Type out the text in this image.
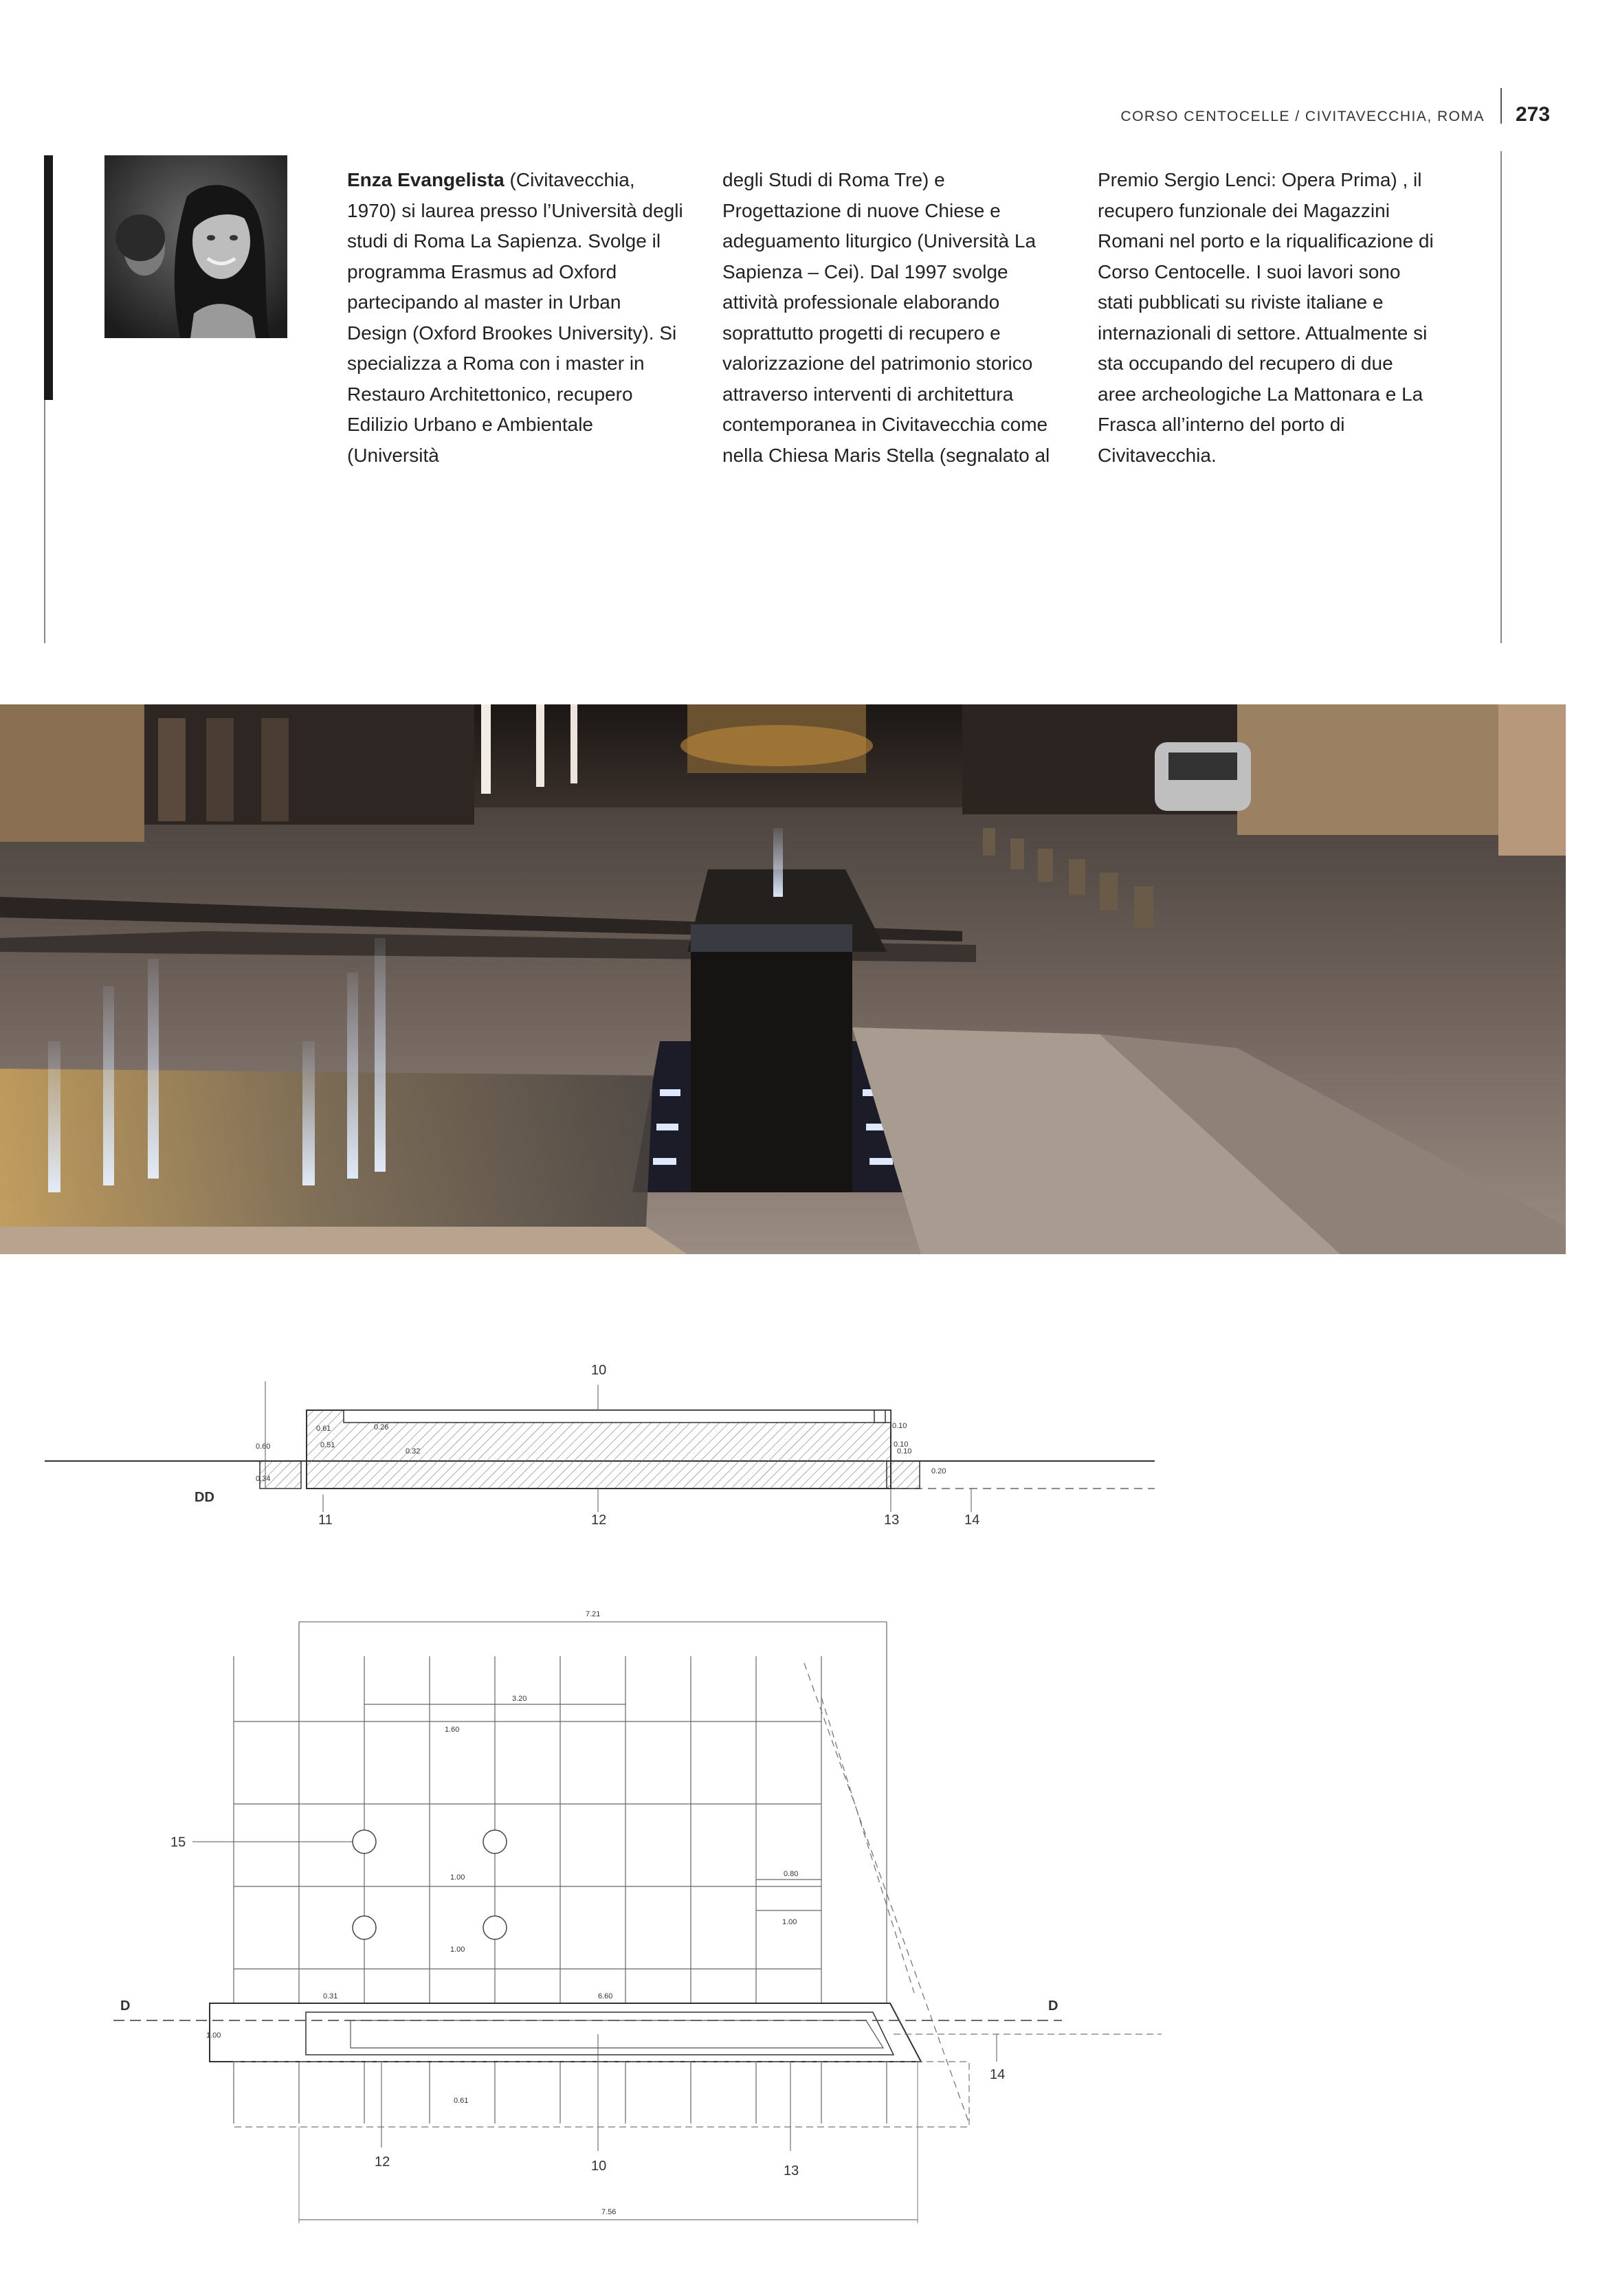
CORSO CENTOCELLE / CIVITAVECCHIA, ROMA 273

Enza Evangelista (Civitavecchia, 1970) si laurea presso l’Università degli studi di Roma La Sapienza. Svolge il programma Erasmus ad Oxford partecipando al master in Urban Design (Oxford Brookes University). Si specializza a Roma con i master in Restauro Architettonico, recupero Edilizio Urbano e Ambientale (Università

degli Studi di Roma Tre) e Progettazione di nuove Chiese e adeguamento liturgico (Università La Sapienza – Cei). Dal 1997 svolge attività professionale elaborando soprattutto progetti di recupero e valorizzazione del patrimonio storico attraverso interventi di architettura contemporanea in Civitavecchia come nella Chiesa Maris Stella (segnalato al

Premio Sergio Lenci: Opera Prima) , il recupero funzionale dei Magazzini Romani nel porto e la riqualificazione di Corso Centocelle. I suoi lavori sono stati pubblicati su riviste italiane e internazionali di settore. Attualmente si sta occupando del recupero di due aree archeologiche La Mattonara e La Frasca all’interno del porto di Civitavecchia.

DD
10
11	12	13	14
0.60
0.34
0.61
0.51
0.10
0.10
0.20
0.26
0.32	0.10
7.21
3.20
1.60
0.80
1.00
1.00
1.00
15
0.31	6.60
1.00
D	D
0.61
12	10	13
14
7.56
